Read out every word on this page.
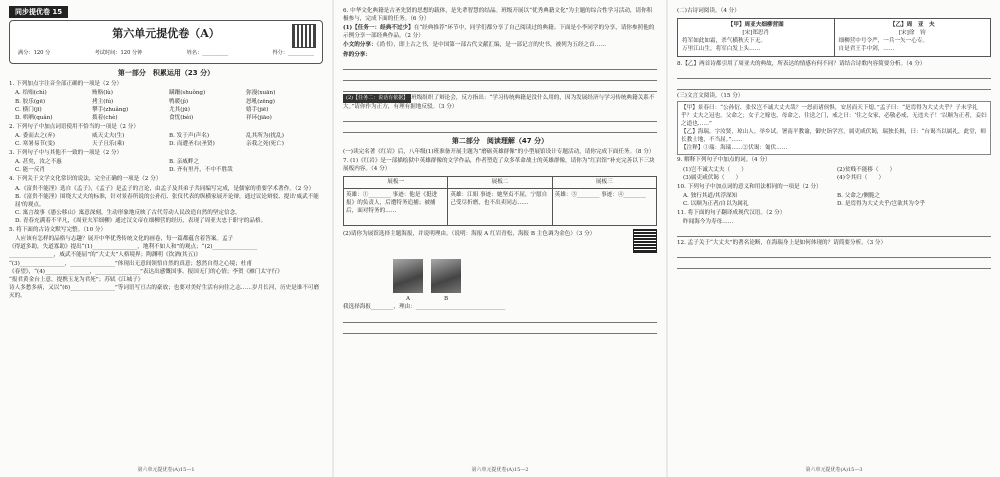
同步提优卷 15
第六单元提优卷（A）
满分：120 分	考试时间：120 分钟	姓名：__________	得分：__________
第一部分　积累运用（23 分）
1. 下列加点字注音全部正确的一项是（2 分）
A. 给贻(chì)	贿赂(lù)	蹒跚(shuǒng)	弥漫(xuān)
B. 胶乐(gē)	拷主(fú)	鸭暖(jì)	怒吼(zēng)
C. 横门(jī)	攀手(zhuǎng)	尤其(jū)	嬉手(jiē)
D. 哄晒(quǎn)	拨着(chè)	食忧(bèi)	祥环(jiāo)
2. 下列句子中加点词语使用不恰当的一项是（2 分）
A. 委而去之(弃)	威天丈夫(生)	B. 发于声(声名)	乱其所为(扰乱)
C. 寒暑易节(变)	天子且乐(乘)	D. 而遭圣右(圣贤)	亲我之死(死亡)
3. 下列句子中与其他不一致的一项是（2 分）
A. 甚矣，汝之不惠	B. 亲威畔之
C. 能一反肖	D. 齐有里丹，不中不胜哉
4. 下列关于文学文化常识的说法，完全正确的一项是（2 分）
A.《富贵不能淫》选自《孟子》，《孟子》是孟子的言论，由孟子及其弟子共同编写完成，是儒家的重要学术著作。（2 分）
B.《富贵不能淫》围绕大丈夫的标准，针对景春所说的公孙衍、张仪代表的纵横家展开论辩，通过议论辩驳、提出'威武不能屈'的观点。
C. 寓言故事《愚公移山》寓意深刻，生动形象地反映了古代劳动人民改造自然的坚定信念。
D. 青春充满着不平凡，《周亚夫军细柳》通过汉文帝在细柳营的经历，表现了周亚夫忠于职守的品格。
5. 将下面的古诗文默写完整。（10 分）
人应该有怎样的品格与志趣？展开中华优秀传统文化的画卷，每一篇都蕴含着答案。孟子
《得道多助，失道寡助》提出“(1)________________，地利不如人和”的观点；“(2)________________
________________，威武不能屈”的“大丈夫”人格境界；陶渊明《饮酒(其五)》
“(3)________________，________________”体现出无意间领悟自然的真意；悠然自得之心境；杜甫
《春望》，“(4)________________，________________”表达出感慨国事、报国无门的心情；李贺《雁门太守行》
“报君黄金台上意，提携玉龙为君死”；苏轼《江城子》
诗人多愁多病，又以“(6)________________”等词语写亘古的豪放；也要对美好生活有向往之志……岁月长河，历史是谁不可磨灭的。
第六单元提优卷(A)15—1
6. 中华文化典籍是古圣先贤的思想的载体，是先辈智慧的结晶。班级开展以“优秀典籍文化”为主题的综合性学习活动，请你积极参与，完成下面的任务。（6 分）
(1)【任务一：经典不过少】在“经典推荐”环节中，同学们都分享了自己阅读过的典籍。下面是小李同学的分享，请你参照他的示例分享一部经典作品。（2 分）
小文的分享：《尚书》，即上古之书，是中国第一部古代文献汇编，是一部记言的史书，被列为五经之首……
你的分享：
(2)【任务二：说话有依据】 班级组织了辩论会，反方指出：“学习传统典籍是没什么用的，因为发展经济与学习传统典籍关系不大。”请你作为正方，有理有据地反驳。（3 分）
第二部分　阅读理解（47 分）
(一)读完名著《红岩》后，八年级(1)班准备开展主题为“磨砺英雄群像”的小型展馆设计专题活动，请你完成下面任务。（8 分）
7. (1)《红岩》是一部描绘狱中英雄群像的文学作品，作者塑造了众多革命战士的英雄群像，请你为“红岩馆”补充完善以下三块展板内容。（4 分）
展板一
英雄：①________ 事迹：他是《挺进报》的负责人，后遭特务追捕；被捕后，面对特务的……
展板二
英雄：江姐 事迹：她坚贞不屈，宁愿自己受尽折磨，也不出卖同志……
展板三
英雄：③________ 事迹：④________
(2)请你为展馆选择主题海报，并说明理由。（说明：海报 A 红岩青松，海报 B 主色调为金色）（3 分）
A	B
我选择海报________，理由：________________________________
第六单元提优卷(A)15—2
(二)古诗词阅读。（4 分）
【甲】周亚夫细柳营图
[宋]郑思肖
将军如此如霜，杀气横秋天下无。
万里江山生，将军白发上头……
【乙】周　亚　夫
[宋]徐　钧
细柳营中号令严，一兵一矢一心专。
自是君王手中剑，……
8.【乙】两首诗都引用了周亚夫的典故，所表达的情感有何不同？请结合诗歌内容简要分析。（4 分）
(三)文言文阅读。（15 分）
【甲】景春曰：“公孙衍、张仪岂不诚大丈夫哉？一怒而诸侯惧，安居而天下熄。”孟子曰：“是焉得为大丈夫乎？子未学礼乎？丈夫之冠也，父命之；女子之嫁也，母命之，往送之门，戒之曰：‘往之女家，必敬必戒，无违夫子！’以顺为正者，妾妇之道也……”
【乙】海瑞，字汝贤，琼山人。举乡试。署南平教谕，御史诣学宫，属吏咸伏谒，瑞独长揖，曰：“台谒当以属礼，此堂，师长教士地，不当屈。”……
【注释】①瑞：海瑞……②伏谒：匍伏……
9. 解释下列句子中加点的词。（4 分）
(1)岂不诚大丈夫（　　）	(2)贫贱不能移（　　）
(3)属吏咸伏谒（　　）	(4)令其归（　　）
10. 下列句子中加点词的意义和用法相同的一项是（2 分）
A. 独行其道/其浮深知	B. 父命之/侧脆之
C. 以顺为正者/自以为属礼	D. 是焉得为大丈夫乎/岂欲其为令乎
11. 将下面的句子翻译成现代汉语。（2 分）
昨闻海今为寿母……
12. 孟子关于“大丈夫”的著名论断，在海瑞身上是如何体现的？请简要分析。（3 分）
第六单元提优卷(A)15—3
